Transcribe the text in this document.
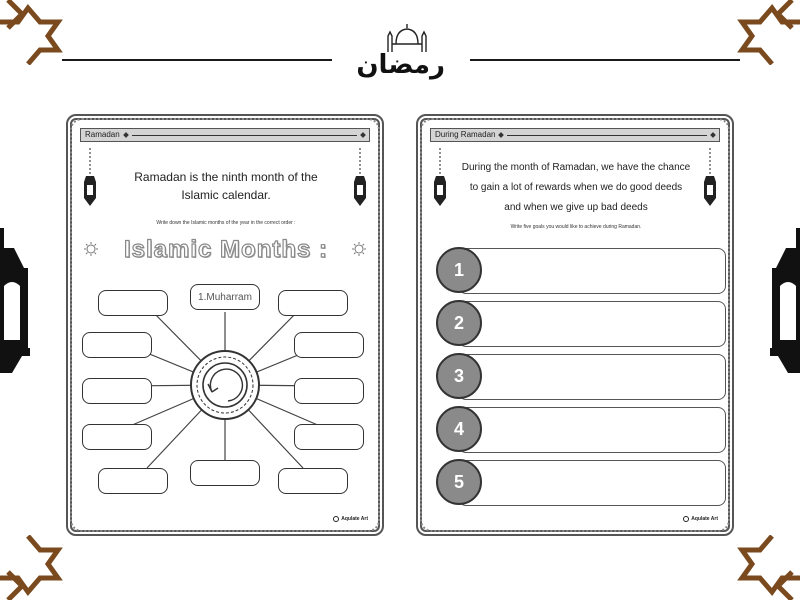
رمضان
Ramadan
Ramadan is the ninth month of the Islamic calendar.
Write down the Islamic months of the year in the correct order :
Islamic Months :
1.Muharram
Aqulate Art
During Ramadan
During the month of Ramadan, we have the chance
to gain a lot of rewards when we do good deeds
and when we give up bad deeds
Write five goals you would like to achieve during Ramadan.
1
2
3
4
5
Aqulate Art
